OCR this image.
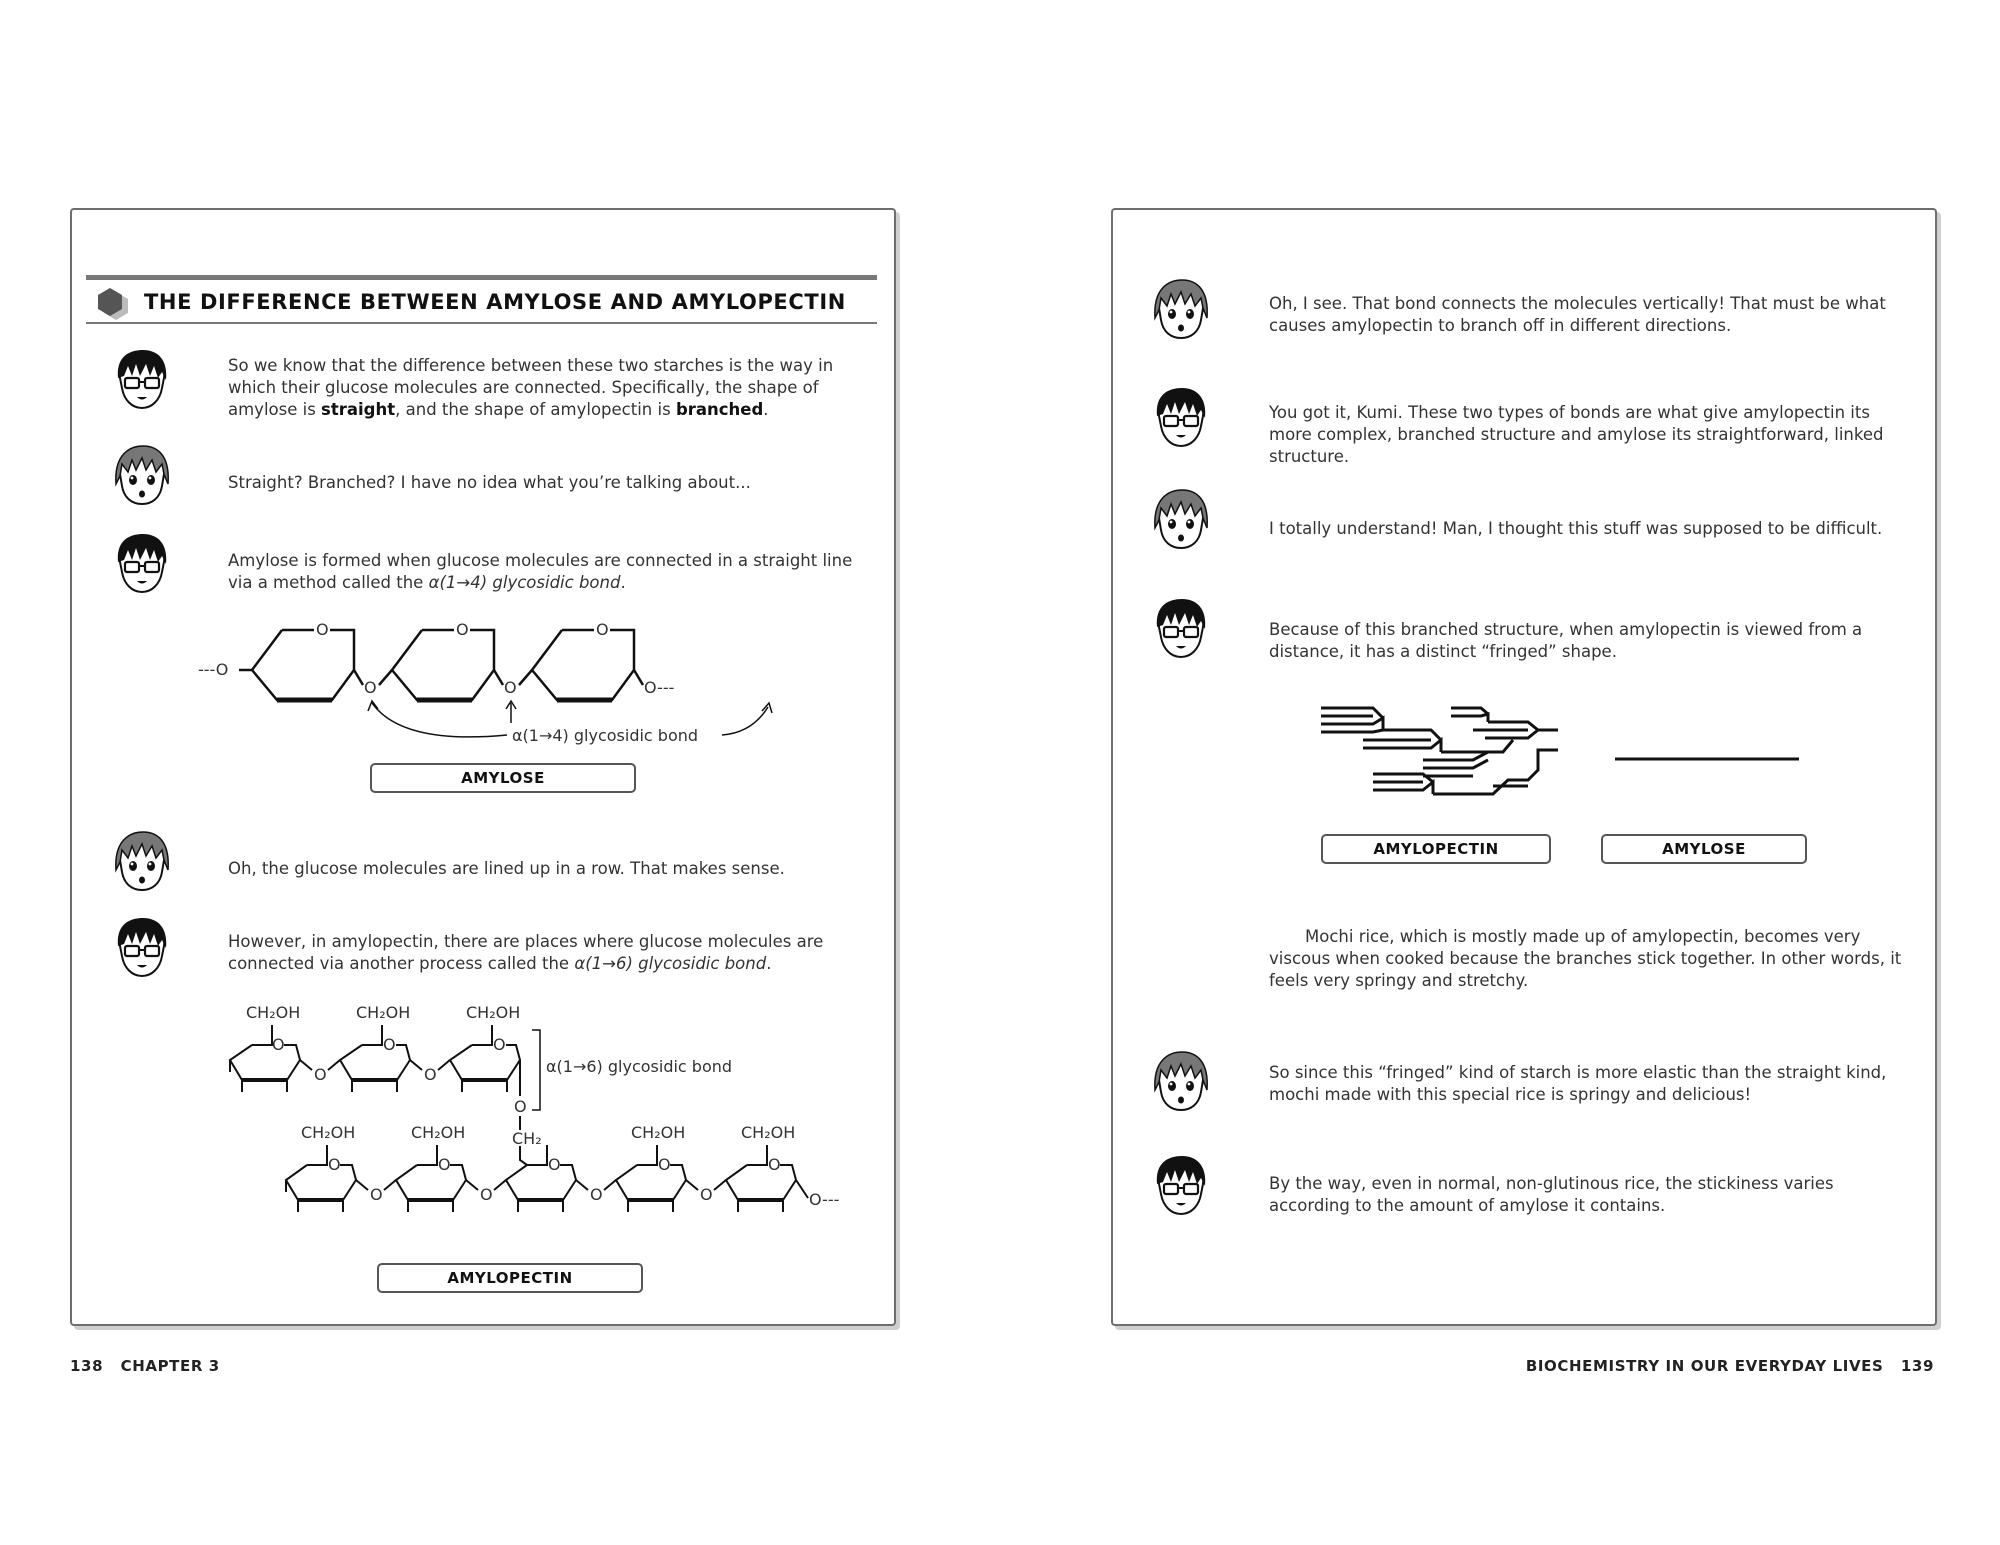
THE DIFFERENCE BETWEEN AMYLOSE AND AMYLOPECTIN
So we know that the difference between these two starches is the way in which their glucose molecules are connected. Specifically, the shape of amylose is straight, and the shape of amylopectin is branched.
Straight? Branched? I have no idea what you’re talking about...
Amylose is formed when glucose molecules are connected in a straight line via a method called the α(1→4) glycosidic bond.
O	O	O
---O
O	O	O---
α(1→4) glycosidic bond
AMYLOSE
Oh, the glucose molecules are lined up in a row. That makes sense.
However, in amylopectin, there are places where glucose molecules are connected via another process called the α(1→6) glycosidic bond.
CH₂OH	CH₂OH	CH₂OH
O	O	O
O	O
O
CH₂
α(1→6) glycosidic bond
CH₂OH	CH₂OH	CH₂OH	CH₂OH
O	O	O	O	O
O	O	O	O	O---
AMYLOPECTIN
138 CHAPTER 3
Oh, I see. That bond connects the molecules vertically! That must be what causes amylopectin to branch off in different directions.
You got it, Kumi. These two types of bonds are what give amylopectin its more complex, branched structure and amylose its straightforward, linked structure.
I totally understand! Man, I thought this stuff was supposed to be difficult.
Because of this branched structure, when amylopectin is viewed from a distance, it has a distinct “fringed” shape.
AMYLOPECTIN	AMYLOSE
Mochi rice, which is mostly made up of amylopectin, becomes very viscous when cooked because the branches stick together. In other words, it feels very springy and stretchy.
So since this “fringed” kind of starch is more elastic than the straight kind, mochi made with this special rice is springy and delicious!
By the way, even in normal, non-glutinous rice, the stickiness varies according to the amount of amylose it contains.
BIOCHEMISTRY IN OUR EVERYDAY LIVES 139
